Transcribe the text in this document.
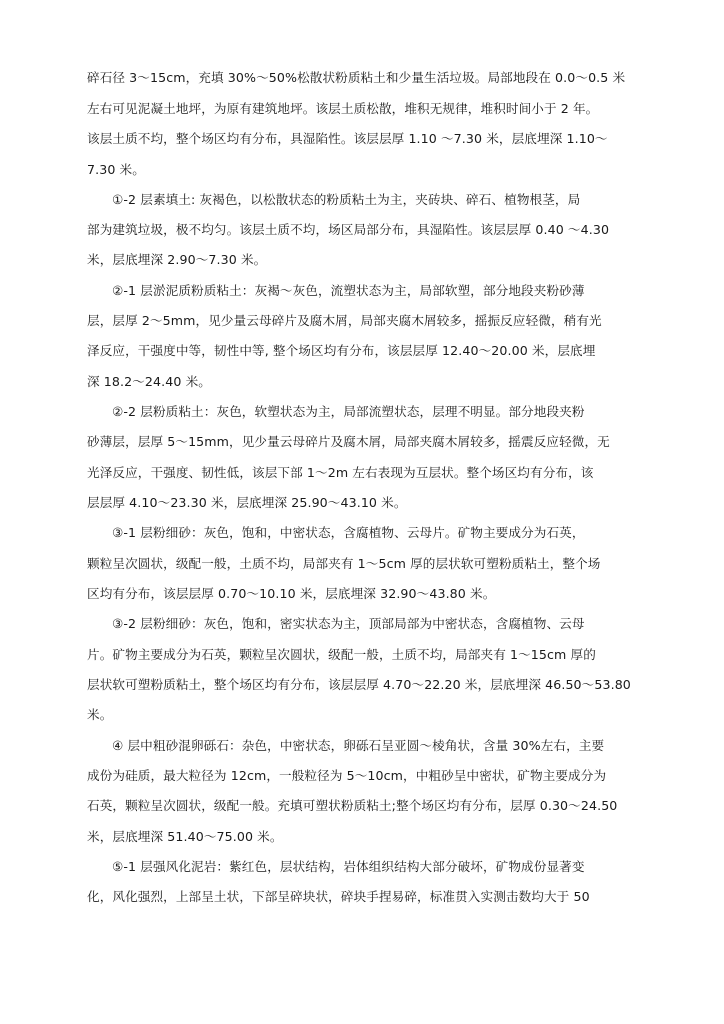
碎石径 3～15cm，充填 30%～50%松散状粉质粘土和少量生活垃圾。局部地段在 0.0～0.5 米
左右可见泥凝土地坪，为原有建筑地坪。该层土质松散，堆积无规律，堆积时间小于 2 年。
该层土质不均，整个场区均有分布，具湿陷性。该层层厚 1.10 ～7.30 米，层底埋深 1.10～
7.30 米。
①-2 层素填土: 灰褐色，以松散状态的粉质粘土为主，夹砖块、碎石、植物根茎，局
部为建筑垃圾，极不均匀。该层土质不均，场区局部分布，具湿陷性。该层层厚 0.40 ～4.30
米，层底埋深 2.90～7.30 米。
②-1 层淤泥质粉质粘土：灰褐～灰色，流塑状态为主，局部软塑，部分地段夹粉砂薄
层，层厚 2～5mm，见少量云母碎片及腐木屑，局部夹腐木屑较多，摇振反应轻微，稍有光
泽反应，干强度中等，韧性中等, 整个场区均有分布，该层层厚 12.40～20.00 米，层底埋
深 18.2～24.40 米。
②-2 层粉质粘土：灰色，软塑状态为主，局部流塑状态，层理不明显。部分地段夹粉
砂薄层，层厚 5～15mm，见少量云母碎片及腐木屑，局部夹腐木屑较多，摇震反应轻微，无
光泽反应，干强度、韧性低，该层下部 1～2m 左右表现为互层状。整个场区均有分布，该
层层厚 4.10～23.30 米，层底埋深 25.90～43.10 米。
③-1 层粉细砂：灰色，饱和，中密状态，含腐植物、云母片。矿物主要成分为石英，
颗粒呈次圆状，级配一般，土质不均，局部夹有 1～5cm 厚的层状软可塑粉质粘土，整个场
区均有分布，该层层厚 0.70～10.10 米，层底埋深 32.90～43.80 米。
③-2 层粉细砂：灰色，饱和，密实状态为主，顶部局部为中密状态，含腐植物、云母
片。矿物主要成分为石英，颗粒呈次圆状，级配一般，土质不均，局部夹有 1～15cm 厚的
层状软可塑粉质粘土，整个场区均有分布，该层层厚 4.70～22.20 米，层底埋深 46.50～53.80
米。
④ 层中粗砂混卵砾石：杂色，中密状态，卵砾石呈亚圆～棱角状，含量 30%左右，主要
成份为硅质，最大粒径为 12cm，一般粒径为 5～10cm，中粗砂呈中密状，矿物主要成分为
石英，颗粒呈次圆状，级配一般。充填可塑状粉质粘土;整个场区均有分布，层厚 0.30～24.50
米，层底埋深 51.40～75.00 米。
⑤-1 层强风化泥岩：紫红色，层状结构，岩体组织结构大部分破坏，矿物成份显著变
化，风化强烈，上部呈土状，下部呈碎块状，碎块手捏易碎，标准贯入实测击数均大于 50
